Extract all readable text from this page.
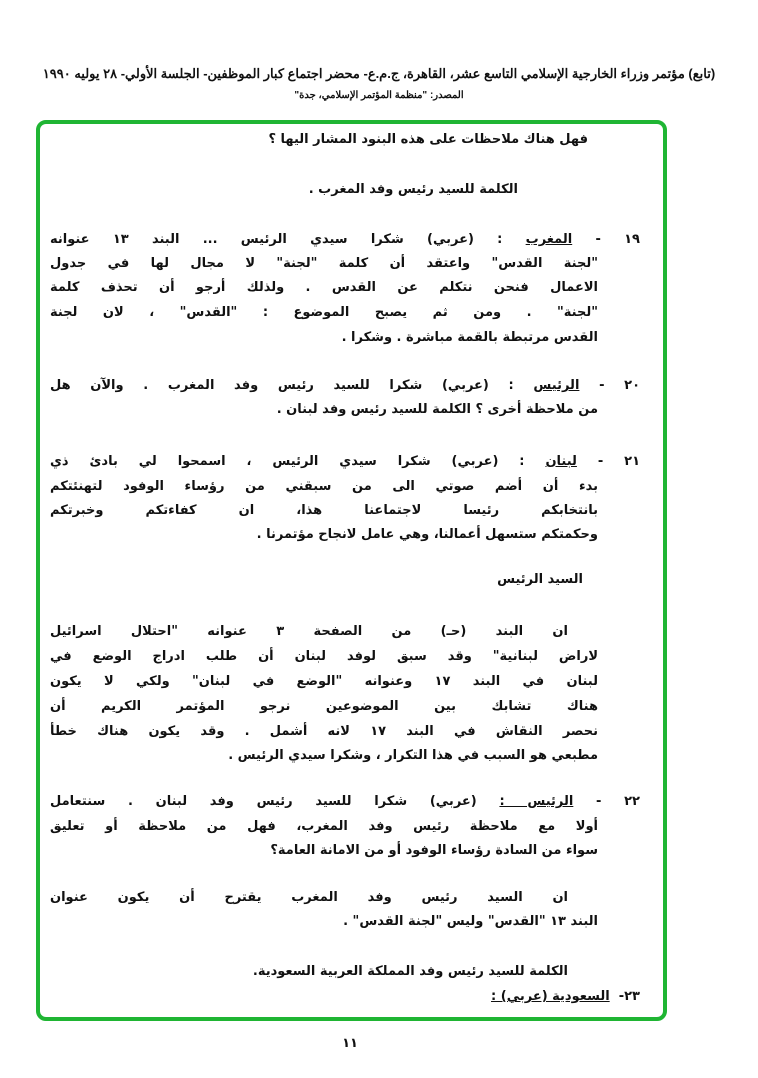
(تابع) مؤتمر وزراء الخارجية الإسلامي التاسع عشر، القاهرة، ج.م.ع- محضر اجتماع كبار الموظفين- الجلسة الأولي- ٢٨ يوليه ١٩٩٠
المصدر: "منظمة المؤتمر الإسلامي، جدة"
فهل هناك ملاحظات على هذه البنود المشار اليها ؟
الكلمة للسيد رئيس وفد المغرب .
١٩ - المغرب : (عربي) شكرا سيدي الرئيس ... البند ١٣ عنوانه
"لجنة القدس" واعتقد أن كلمة "لجنة" لا مجال لها في جدول
الاعمال فنحن نتكلم عن القدس . ولذلك أرجو أن تحذف كلمة
"لجنة" . ومن ثم يصبح الموضوع : "القدس" ، لان لجنة
القدس مرتبطة بالقمة مباشرة . وشكرا .
٢٠ - الرئيس : (عربي) شكرا للسيد رئيس وفد المغرب . والآن هل
من ملاحظة أخرى ؟ الكلمة للسيد رئيس وفد لبنان .
٢١ - لبنان : (عربي) شكرا سيدي الرئيس ، اسمحوا لي بادئ ذي
بدء أن أضم صوتي الى من سبقني من رؤساء الوفود لتهنئتكم
بانتخابكم رئيسا لاجتماعنا هذا، ان كفاءتكم وخبرتكم
وحكمتكم ستسهل أعمالنا، وهي عامل لانجاح مؤتمرنا .
السيد الرئيس
ان البند (حـ) من الصفحة ٣ عنوانه "احتلال اسرائيل
لاراض لبنانية" وقد سبق لوفد لبنان أن طلب ادراج الوضع في
لبنان في البند ١٧ وعنوانه "الوضع في لبنان" ولكي لا يكون
هناك تشابك بين الموضوعين نرجو المؤتمر الكريم أن
نحصر النقاش في البند ١٧ لانه أشمل . وقد يكون هناك خطأ
مطبعي هو السبب في هذا التكرار ، وشكرا سيدي الرئيس .
٢٢ - الرئيس : (عربي) شكرا للسيد رئيس وفد لبنان . سنتعامل
أولا مع ملاحظة رئيس وفد المغرب، فهل من ملاحظة أو تعليق
سواء من السادة رؤساء الوفود أو من الامانة العامة؟
ان السيد رئيس وفد المغرب يقترح أن يكون عنوان
البند ١٣ "القدس" وليس "لجنة القدس" .
الكلمة للسيد رئيس وفد المملكة العربية السعودية.
٢٣-  السعودية (عربي) :
١١
